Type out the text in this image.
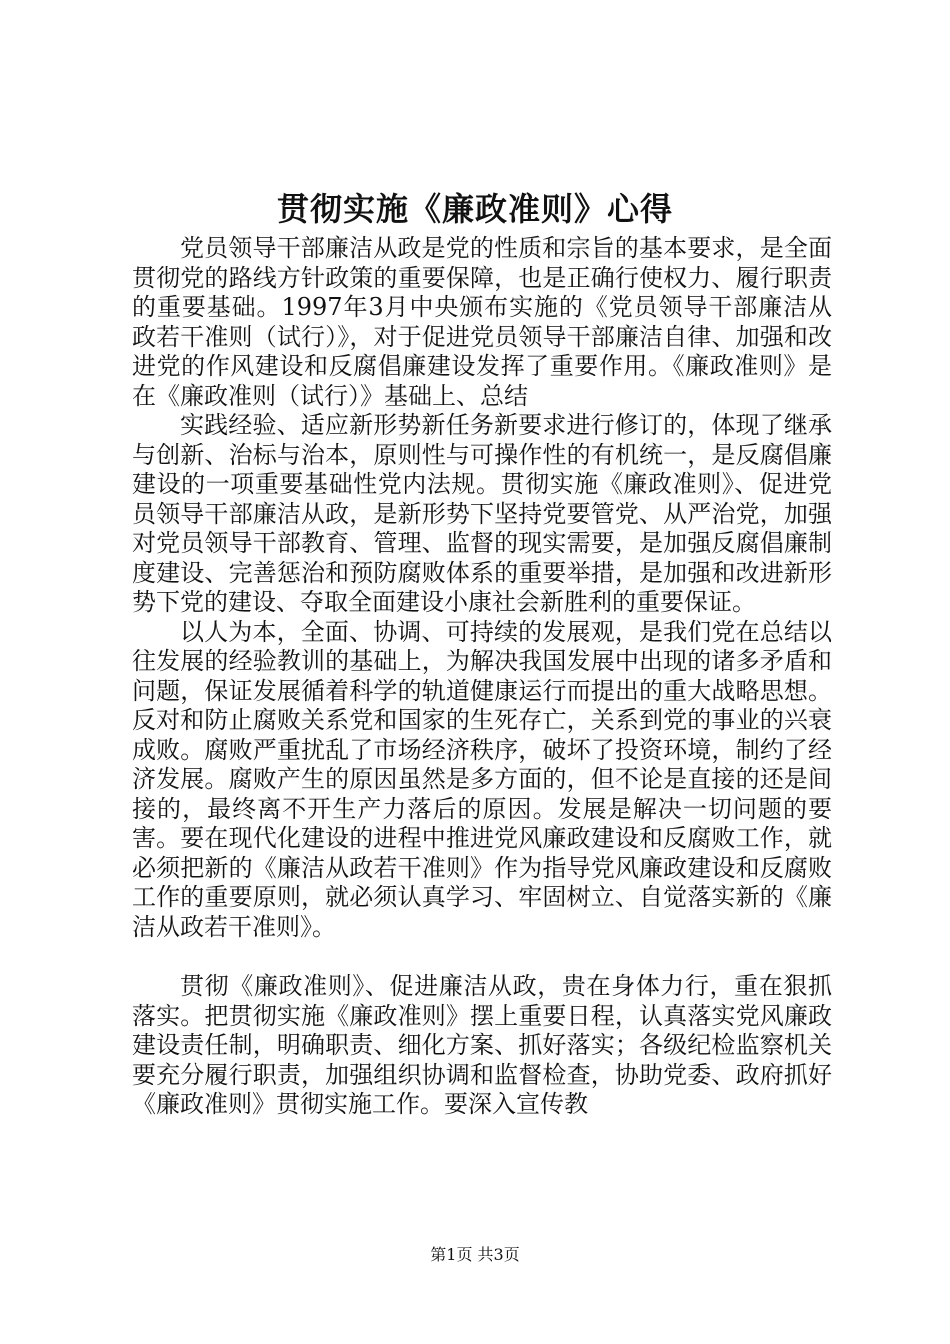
贯彻实施《廉政准则》心得

党员领导干部廉洁从政是党的性质和宗旨的基本要求，是全面贯彻党的路线方针政策的重要保障，也是正确行使权力、履行职责的重要基础。1997年3月中央颁布实施的《党员领导干部廉洁从政若干准则（试行）》，对于促进党员领导干部廉洁自律、加强和改进党的作风建设和反腐倡廉建设发挥了重要作用。《廉政准则》是在《廉政准则（试行）》基础上、总结

实践经验、适应新形势新任务新要求进行修订的，体现了继承与创新、治标与治本，原则性与可操作性的有机统一，是反腐倡廉建设的一项重要基础性党内法规。贯彻实施《廉政准则》、促进党员领导干部廉洁从政，是新形势下坚持党要管党、从严治党，加强对党员领导干部教育、管理、监督的现实需要，是加强反腐倡廉制度建设、完善惩治和预防腐败体系的重要举措，是加强和改进新形势下党的建设、夺取全面建设小康社会新胜利的重要保证。

以人为本，全面、协调、可持续的发展观，是我们党在总结以往发展的经验教训的基础上，为解决我国发展中出现的诸多矛盾和问题，保证发展循着科学的轨道健康运行而提出的重大战略思想。反对和防止腐败关系党和国家的生死存亡，关系到党的事业的兴衰成败。腐败严重扰乱了市场经济秩序，破坏了投资环境，制约了经济发展。腐败产生的原因虽然是多方面的，但不论是直接的还是间接的，最终离不开生产力落后的原因。发展是解决一切问题的要害。要在现代化建设的进程中推进党风廉政建设和反腐败工作，就必须把新的《廉洁从政若干准则》作为指导党风廉政建设和反腐败工作的重要原则，就必须认真学习、牢固树立、自觉落实新的《廉洁从政若干准则》。

贯彻《廉政准则》、促进廉洁从政，贵在身体力行，重在狠抓落实。把贯彻实施《廉政准则》摆上重要日程，认真落实党风廉政建设责任制，明确职责、细化方案、抓好落实；各级纪检监察机关要充分履行职责，加强组织协调和监督检查，协助党委、政府抓好《廉政准则》贯彻实施工作。要深入宣传教

第1页 共3页
